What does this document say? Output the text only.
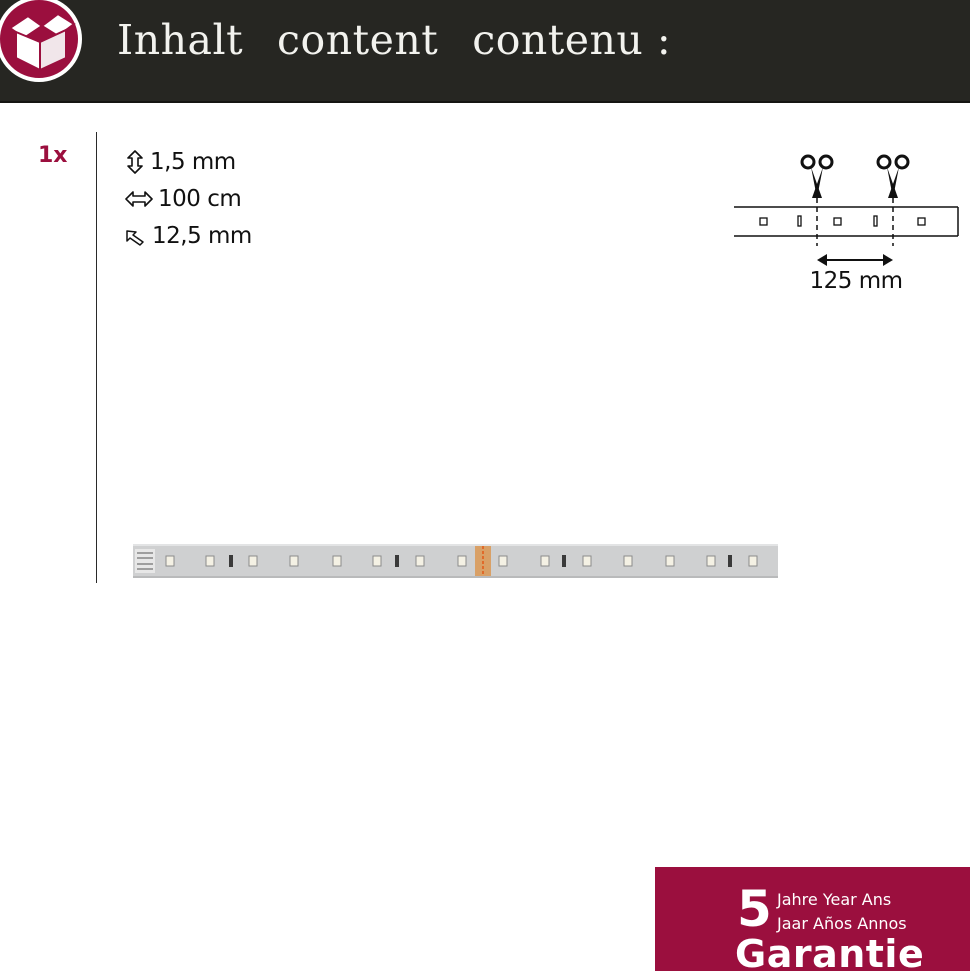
Inhalt content contenu :
1x	1,5 mm
100 cm
12,5 mm
125 mm
5 Jahre Year Ans
Jaar Años Annos
Garantie
